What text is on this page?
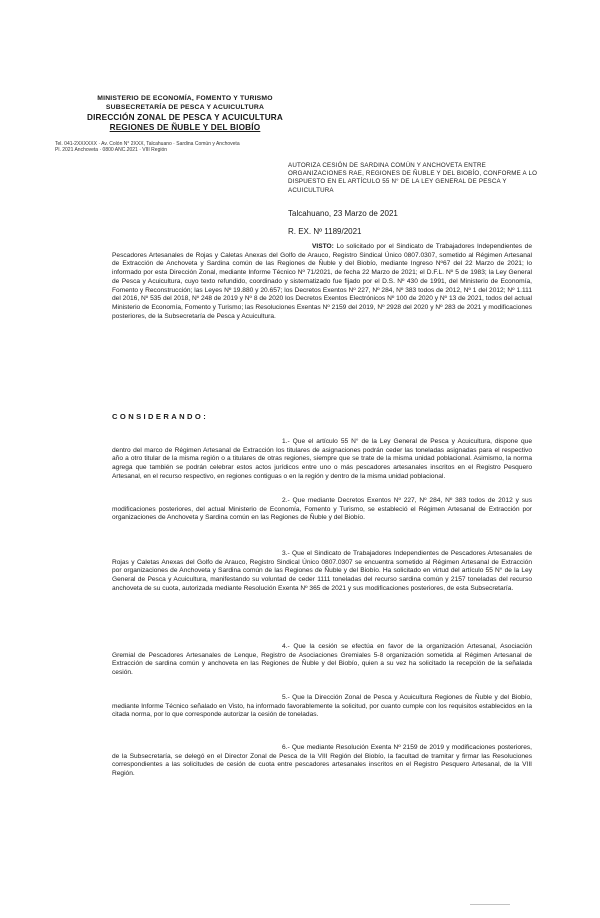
MINISTERIO DE ECONOMÍA, FOMENTO Y TURISMO
SUBSECRETARÍA DE PESCA Y ACUICULTURA
DIRECCIÓN ZONAL DE PESCA Y ACUICULTURA
REGIONES DE ÑUBLE Y DEL BIOBÍO
Tel. 041-2XXXXXX · Av. Colón N° 2XXX, Talcahuano · Sardina Común y Anchoveta
Pl. 2021 Anchoveta · 0800 ANC.2021 · VIII Región
AUTORIZA CESIÓN DE SARDINA COMÚN Y ANCHOVETA ENTRE ORGANIZACIONES RAE, REGIONES DE ÑUBLE Y DEL BIOBÍO, CONFORME A LO DISPUESTO EN EL ARTÍCULO 55 N° DE LA LEY GENERAL DE PESCA Y ACUICULTURA
Talcahuano, 23 Marzo de 2021
R. EX. Nº 1189/2021
VISTO: Lo solicitado por el Sindicato de Trabajadores Independientes de Pescadores Artesanales de Rojas y Caletas Anexas del Golfo de Arauco, Registro Sindical Único 0807.0307, sometido al Régimen Artesanal de Extracción de Anchoveta y Sardina común de las Regiones de Ñuble y del Biobío, mediante Ingreso Nº67 del 22 Marzo de 2021; lo informado por esta Dirección Zonal, mediante Informe Técnico Nº 71/2021, de fecha 22 Marzo de 2021; el D.F.L. Nº 5 de 1983; la Ley General de Pesca y Acuicultura, cuyo texto refundido, coordinado y sistematizado fue fijado por el D.S. Nº 430 de 1991, del Ministerio de Economía, Fomento y Reconstrucción; las Leyes Nº 19.880 y 20.657; los Decretos Exentos Nº 227, Nº 284, Nº 383 todos de 2012, Nº 1 del 2012; Nº 1.111 del 2016, Nº 535 del 2018, Nº 248 de 2019 y Nº 8 de 2020 los Decretos Exentos Electrónicos Nº 100 de 2020 y Nº 13 de 2021, todos del actual Ministerio de Economía, Fomento y Turismo; las Resoluciones Exentas Nº 2159 del 2019, Nº 2928 del 2020 y Nº 283 de 2021 y modificaciones posteriores, de la Subsecretaría de Pesca y Acuicultura.
CONSIDERANDO:
1.- Que el artículo 55 N° de la Ley General de Pesca y Acuicultura, dispone que dentro del marco de Régimen Artesanal de Extracción los titulares de asignaciones podrán ceder las toneladas asignadas para el respectivo año a otro titular de la misma región o a titulares de otras regiones, siempre que se trate de la misma unidad poblacional. Asimismo, la norma agrega que también se podrán celebrar estos actos jurídicos entre uno o más pescadores artesanales inscritos en el Registro Pesquero Artesanal, en el recurso respectivo, en regiones contiguas o en la región y dentro de la misma unidad poblacional.
2.- Que mediante Decretos Exentos Nº 227, Nº 284, Nº 383 todos de 2012 y sus modificaciones posteriores, del actual Ministerio de Economía, Fomento y Turismo, se estableció el Régimen Artesanal de Extracción por organizaciones de Anchoveta y Sardina común en las Regiones de Ñuble y del Biobío.
3.- Que el Sindicato de Trabajadores Independientes de Pescadores Artesanales de Rojas y Caletas Anexas del Golfo de Arauco, Registro Sindical Único 0807.0307 se encuentra sometido al Régimen Artesanal de Extracción por organizaciones de Anchoveta y Sardina común de las Regiones de Ñuble y del Biobío. Ha solicitado en virtud del artículo 55 N° de la Ley General de Pesca y Acuicultura, manifestando su voluntad de ceder 1111 toneladas del recurso sardina común y 2157 toneladas del recurso anchoveta de su cuota, autorizada mediante Resolución Exenta Nº 365 de 2021 y sus modificaciones posteriores, de esta Subsecretaría.
4.- Que la cesión se efectúa en favor de la organización Artesanal, Asociación Gremial de Pescadores Artesanales de Lenque, Registro de Asociaciones Gremiales 5-8 organización sometida al Régimen Artesanal de Extracción de sardina común y anchoveta en las Regiones de Ñuble y del Biobío, quien a su vez ha solicitado la recepción de la señalada cesión.
5.- Que la Dirección Zonal de Pesca y Acuicultura Regiones de Ñuble y del Biobío, mediante Informe Técnico señalado en Visto, ha informado favorablemente la solicitud, por cuanto cumple con los requisitos establecidos en la citada norma, por lo que corresponde autorizar la cesión de toneladas.
6.- Que mediante Resolución Exenta Nº 2159 de 2019 y modificaciones posteriores, de la Subsecretaría, se delegó en el Director Zonal de Pesca de la VIII Región del Biobío, la facultad de tramitar y firmar las Resoluciones correspondientes a las solicitudes de cesión de cuota entre pescadores artesanales inscritos en el Registro Pesquero Artesanal, de la VIII Región.
